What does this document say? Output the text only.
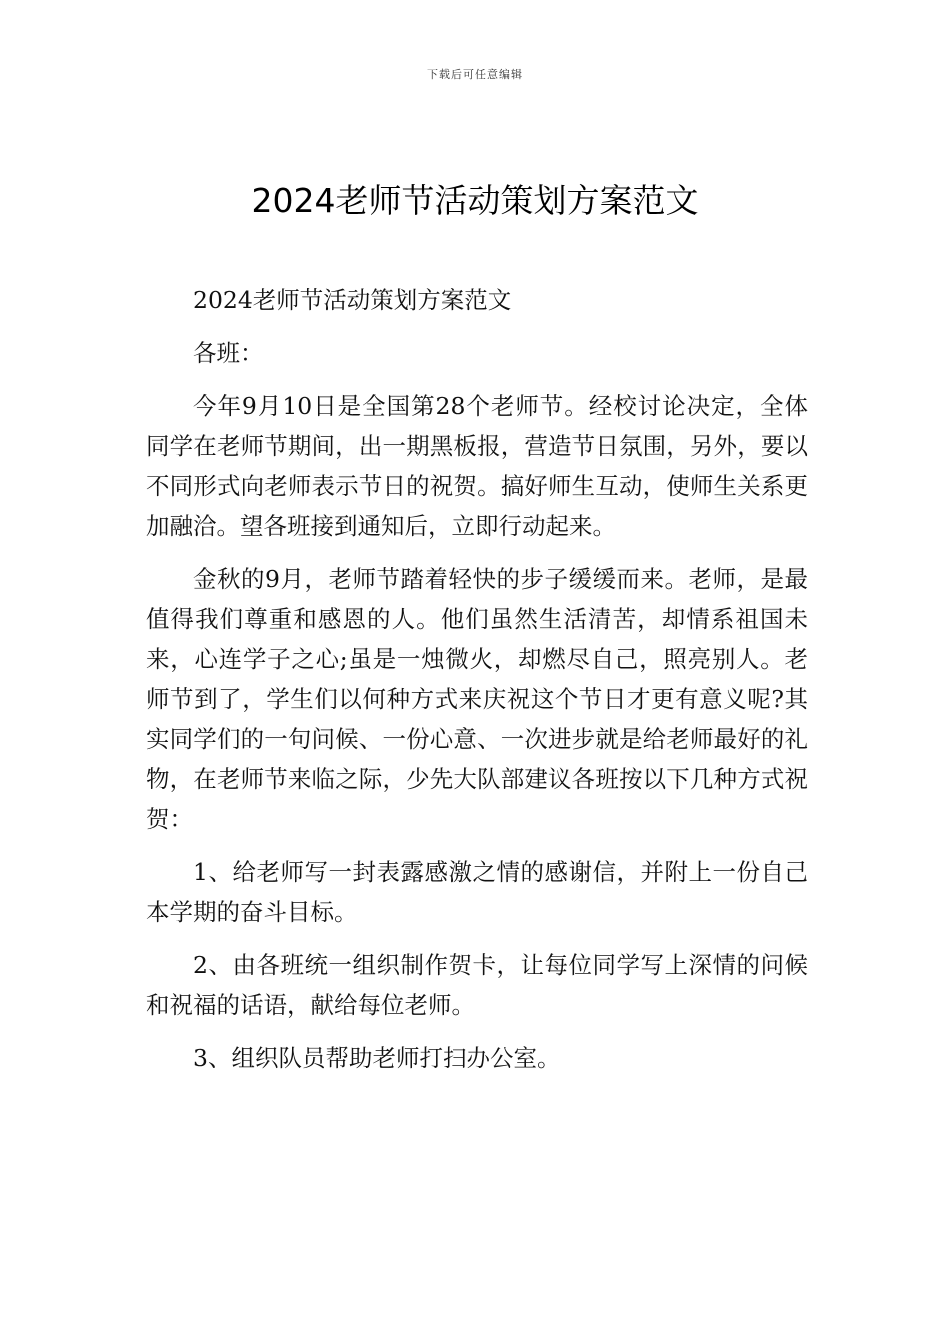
下载后可任意编辑
2024老师节活动策划方案范文

2024老师节活动策划方案范文

各班：

今年9月10日是全国第28个老师节。经校讨论决定，全体同学在老师节期间，出一期黑板报，营造节日氛围，另外，要以不同形式向老师表示节日的祝贺。搞好师生互动，使师生关系更加融洽。望各班接到通知后，立即行动起来。

金秋的9月，老师节踏着轻快的步子缓缓而来。老师，是最值得我们尊重和感恩的人。他们虽然生活清苦，却情系祖国未来，心连学子之心;虽是一烛微火，却燃尽自己，照亮别人。老师节到了，学生们以何种方式来庆祝这个节日才更有意义呢?其实同学们的一句问候、一份心意、一次进步就是给老师最好的礼物，在老师节来临之际，少先大队部建议各班按以下几种方式祝贺：

1、给老师写一封表露感激之情的感谢信，并附上一份自己本学期的奋斗目标。

2、由各班统一组织制作贺卡，让每位同学写上深情的问候和祝福的话语，献给每位老师。

3、组织队员帮助老师打扫办公室。
